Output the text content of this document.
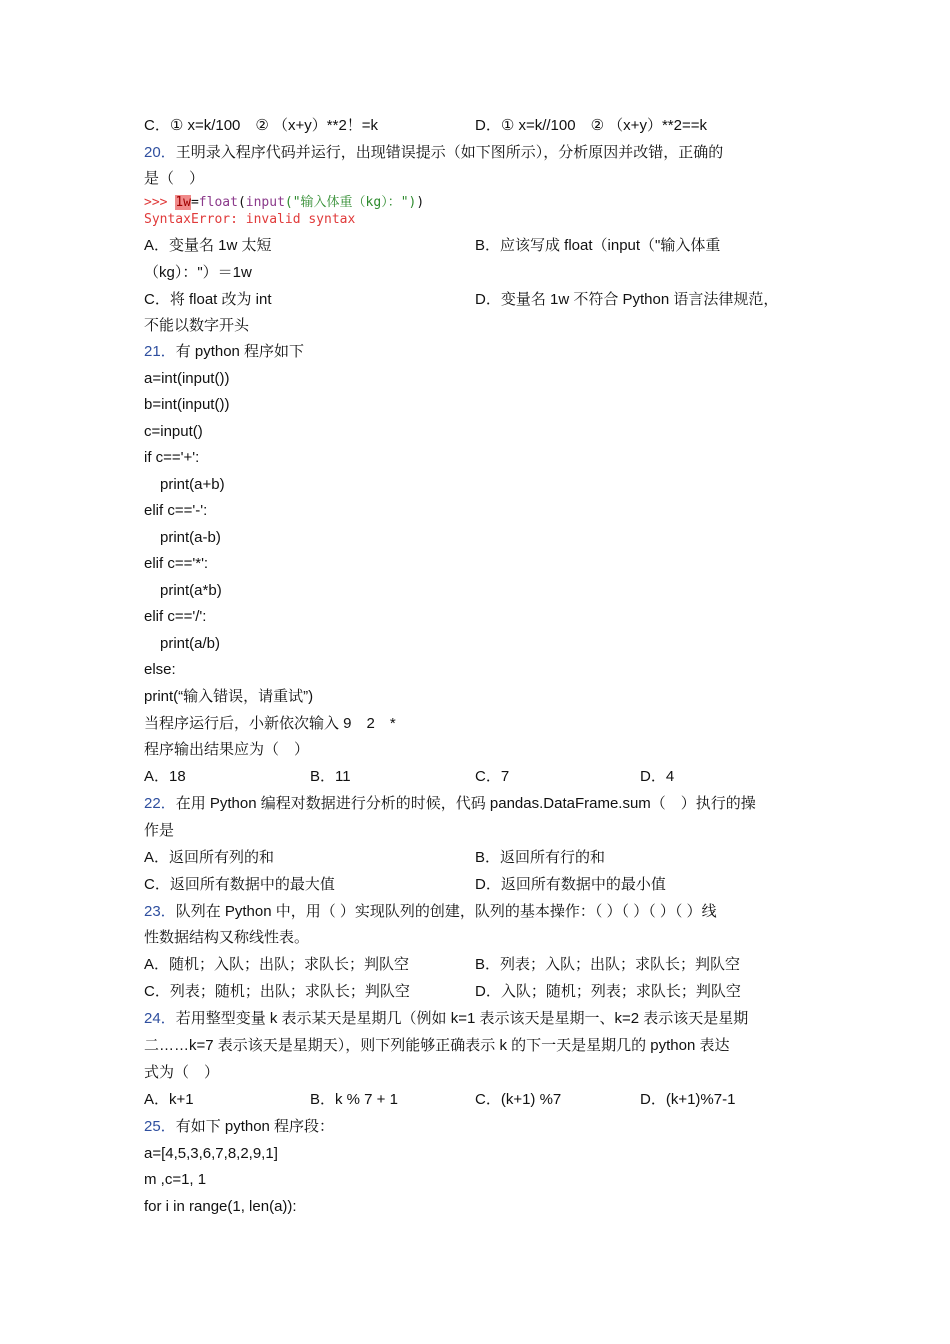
C．① x=k/100　② （x+y）**2！=k	D．① x=k//100　② （x+y）**2==k
20．王明录入程序代码并运行，出现错误提示（如下图所示），分析原因并改错，正确的
是（　）
>>> 1w=float(input("输入体重（kg）："))
SyntaxError: invalid syntax
A．变量名 1w 太短	B．应该写成 float（input（"输入体重
（kg）："）＝1w
C．将 float 改为 int	D．变量名 1w 不符合 Python 语言法律规范，
不能以数字开头
21．有 python 程序如下
a=int(input())
b=int(input())
c=input()
if c=='+':
print(a+b)
elif c=='-':
print(a-b)
elif c=='*':
print(a*b)
elif c=='/':
print(a/b)
else:
print(“输入错误，请重试”)
当程序运行后，小新依次输入 9　2　*
程序输出结果应为（　）
A．18	B．11	C．7	D．4
22．在用 Python 编程对数据进行分析的时候，代码 pandas.DataFrame.sum（　）执行的操
作是
A．返回所有列的和	B．返回所有行的和
C．返回所有数据中的最大值	D．返回所有数据中的最小值
23．队列在 Python 中，用（ ）实现队列的创建，队列的基本操作：（ ）（ ）（ ）（ ）线
性数据结构又称线性表。
A．随机；入队；出队；求队长；判队空	B．列表；入队；出队；求队长；判队空
C．列表；随机；出队；求队长；判队空	D．入队；随机；列表；求队长；判队空
24．若用整型变量 k 表示某天是星期几（例如 k=1 表示该天是星期一、k=2 表示该天是星期
二……k=7 表示该天是星期天），则下列能够正确表示 k 的下一天是星期几的 python 表达
式为（　）
A．k+1	B．k % 7 + 1	C．(k+1) %7	D．(k+1)%7-1
25．有如下 python 程序段：
a=[4,5,3,6,7,8,2,9,1]
m ,c=1, 1
for i in range(1, len(a)):
